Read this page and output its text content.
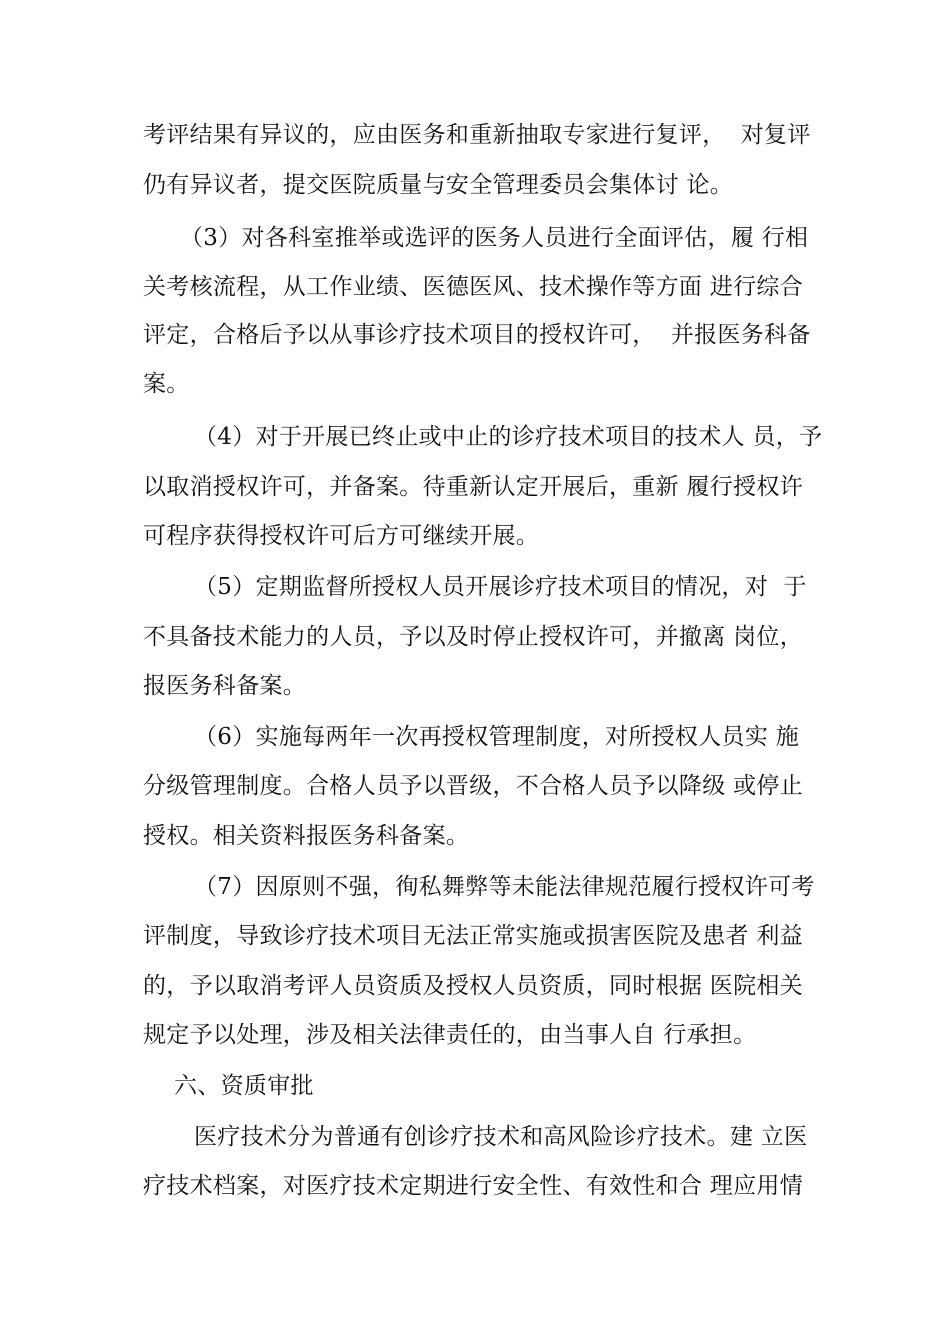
考评结果有异议的，应由医务和重新抽取专家进行复评，  对复评
仍有异议者，提交医院质量与安全管理委员会集体讨 论。
（3）对各科室推举或选评的医务人员进行全面评估，履 行相
关考核流程，从工作业绩、医德医风、技术操作等方面 进行综合
评定，合格后予以从事诊疗技术项目的授权许可，  并报医务科备
案。
（4）对于开展已终止或中止的诊疗技术项目的技术人 员，予
以取消授权许可，并备案。待重新认定开展后，重新 履行授权许
可程序获得授权许可后方可继续开展。
（5）定期监督所授权人员开展诊疗技术项目的情况，对  于
不具备技术能力的人员，予以及时停止授权许可，并撤离 岗位，
报医务科备案。
（6）实施每两年一次再授权管理制度，对所授权人员实 施
分级管理制度。合格人员予以晋级，不合格人员予以降级 或停止
授权。相关资料报医务科备案。
（7）因原则不强，徇私舞弊等未能法律规范履行授权许可考
评制度，导致诊疗技术项目无法正常实施或损害医院及患者 利益
的，予以取消考评人员资质及授权人员资质，同时根据 医院相关
规定予以处理，涉及相关法律责任的，由当事人自 行承担。
六、资质审批
医疗技术分为普通有创诊疗技术和高风险诊疗技术。建 立医
疗技术档案，对医疗技术定期进行安全性、有效性和合 理应用情
